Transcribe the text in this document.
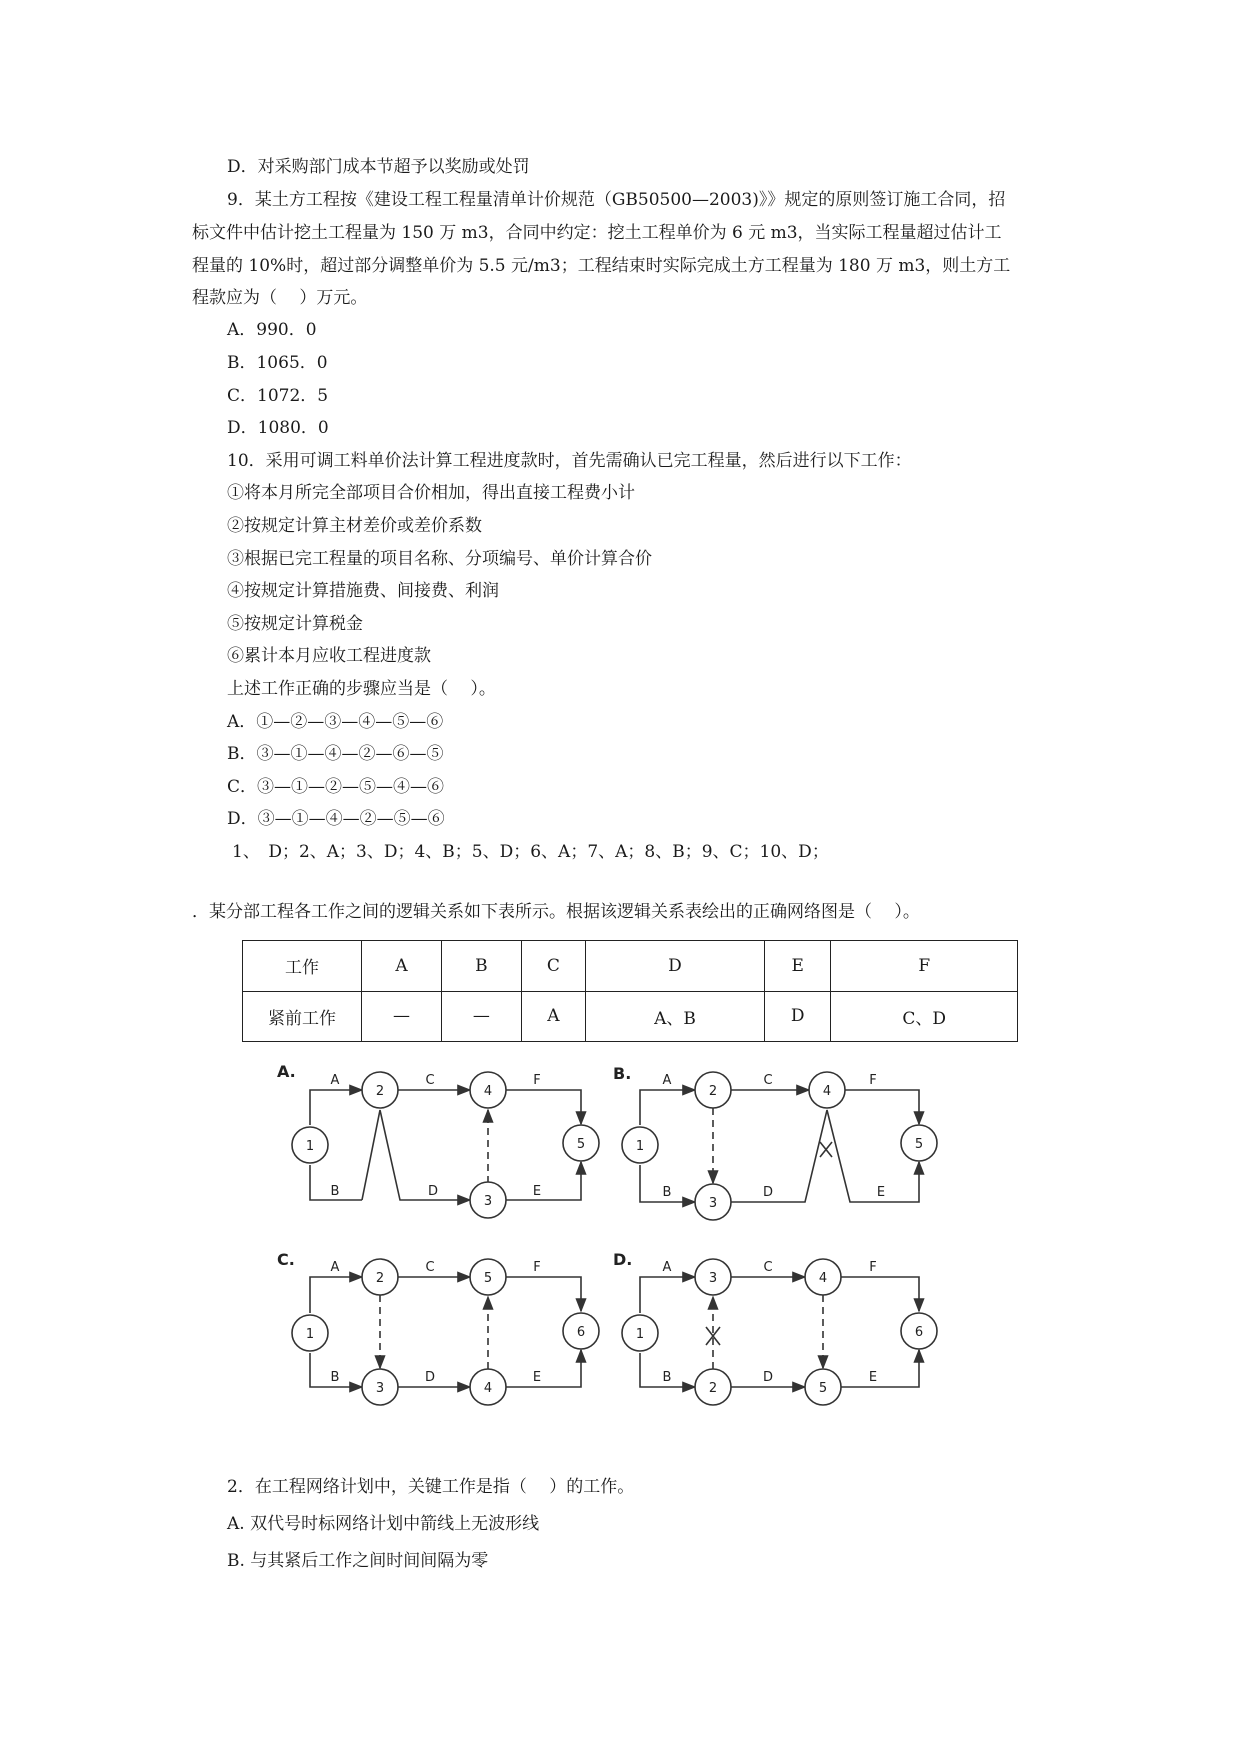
D．对采购部门成本节超予以奖励或处罚
9．某土方工程按《建设工程工程量清单计价规范（GB50500—2003)》》规定的原则签订施工合同，招
标文件中估计挖土工程量为 150 万 m3，合同中约定：挖土工程单价为 6 元 m3，当实际工程量超过估计工
程量的 10%时，超过部分调整单价为 5.5 元/m3；工程结束时实际完成土方工程量为 180 万 m3，则土方工
程款应为（　 ）万元。
A．990．0
B．1065．0
C．1072．5
D．1080．0
10．采用可调工料单价法计算工程进度款时，首先需确认已完工程量，然后进行以下工作：
①将本月所完全部项目合价相加，得出直接工程费小计
②按规定计算主材差价或差价系数
③根据已完工程量的项目名称、分项编号、单价计算合价
④按规定计算措施费、间接费、利润
⑤按规定计算税金
⑥累计本月应收工程进度款
上述工作正确的步骤应当是（　 ）。
A．①—②—③—④—⑤—⑥
B．③—①—④—②—⑥—⑤
C．③—①—②—⑤—④—⑥
D．③—①—④—②—⑤—⑥
1、　D；2、A；3、D；4、B；5、D；6、A；7、A；8、B；9、C；10、D；
．某分部工程各工作之间的逻辑关系如下表所示。根据该逻辑关系表绘出的正确网络图是（　 ）。
工作	A	B	C	D	E	F
紧前工作	—	—	A	A、B	D	C、D
1
2	4
5
3
1
2	4
5
3
1
2	5
6
3	4
1
3	4
6
2	5
A	C	F
B	D	E
A	C	F
B	D	E
A	C	F
B	D	E
A	C	F
B	D	E
A.	B.
C.	D.
2．在工程网络计划中，关键工作是指（　 ）的工作。
A. 双代号时标网络计划中箭线上无波形线
B. 与其紧后工作之间时间间隔为零
